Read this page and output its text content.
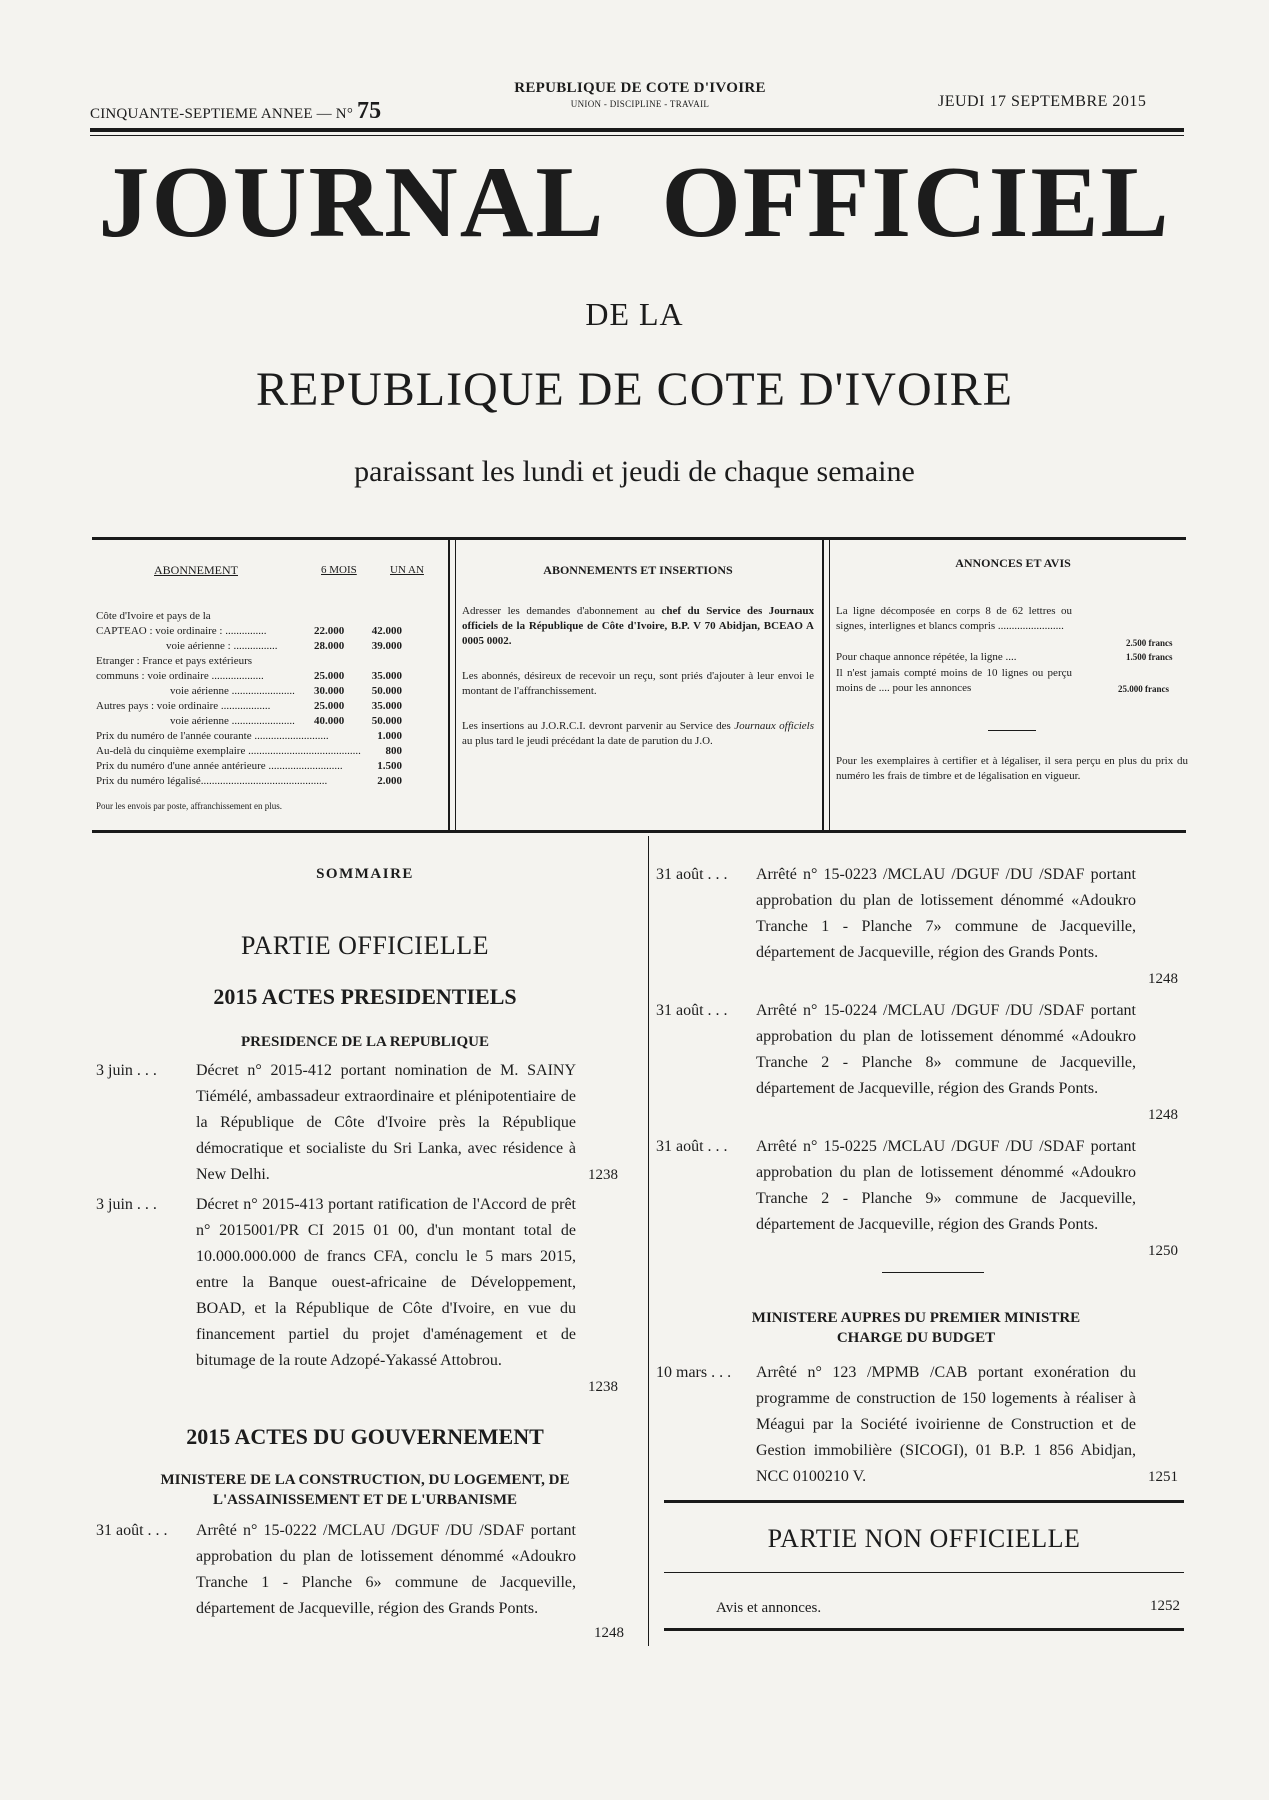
CINQUANTE-SEPTIEME ANNEE — N° 75
REPUBLIQUE DE COTE D'IVOIRE
UNION - DISCIPLINE - TRAVAIL	JEUDI 17 SEPTEMBRE 2015
JOURNAL OFFICIEL
DE LA
REPUBLIQUE DE COTE D'IVOIRE
paraissant les lundi et jeudi de chaque semaine
ABONNEMENT	6 MOIS	UN AN
Côte d'Ivoire et pays de la
CAPTEAO : voie ordinaire : ...............	22.000	42.000
voie aérienne : ................	28.000	39.000
Etranger : France et pays extérieurs
communs : voie ordinaire ...................	25.000	35.000
voie aérienne ....................... 30.000	50.000
Autres pays : voie ordinaire ..................	25.000	35.000
voie aérienne ....................... 40.000	50.000
Prix du numéro de l'année courante ...........................	1.000
Au-delà du cinquième exemplaire ......................................... 800
Prix du numéro d'une année antérieure ...........................	1.500
Prix du numéro légalisé..............................................	2.000
Pour les envois par poste, affranchissement en plus.
ABONNEMENTS ET INSERTIONS
Adresser les demandes d'abonnement au chef du Service des Journaux officiels de la République de Côte d'Ivoire, B.P. V 70 Abidjan, BCEAO A 0005 0002.
Les abonnés, désireux de recevoir un reçu, sont priés d'ajouter à leur envoi le montant de l'affranchissement.
Les insertions au J.O.R.C.I. devront parvenir au Service des Journaux officiels au plus tard le jeudi précédant la date de parution du J.O.
ANNONCES ET AVIS
La ligne décomposée en corps 8 de 62 lettres ou signes, interlignes et blancs compris ........................
2.500 francs
Pour chaque annonce répétée, la ligne ....	1.500 francs
Il n'est jamais compté moins de 10 lignes ou perçu moins de .... pour les annonces	25.000 francs
Pour les exemplaires à certifier et à légaliser, il sera perçu en plus du prix du numéro les frais de timbre et de légalisation en vigueur.
SOMMAIRE
PARTIE OFFICIELLE
2015 ACTES PRESIDENTIELS
PRESIDENCE DE LA REPUBLIQUE
3 juin . . . Décret n° 2015-412 portant nomination de M. SAINY Tiémélé, ambassadeur extraordinaire et plénipotentiaire de la République de Côte d'Ivoire près la République démocratique et socialiste du Sri Lanka, avec résidence à New Delhi.	1238
3 juin . . . Décret n° 2015-413 portant ratification de l'Accord de prêt n° 2015001/PR CI 2015 01 00, d'un montant total de 10.000.000.000 de francs CFA, conclu le 5 mars 2015, entre la Banque ouest-africaine de Développement, BOAD, et la République de Côte d'Ivoire, en vue du financement partiel du projet d'aménagement et de bitumage de la route Adzopé-Yakassé Attobrou.
1238
2015 ACTES DU GOUVERNEMENT
MINISTERE DE LA CONSTRUCTION, DU LOGEMENT, DE
L'ASSAINISSEMENT ET DE L'URBANISME
31 août . . . Arrêté n° 15-0222 /MCLAU /DGUF /DU /SDAF portant approbation du plan de lotissement dénommé «Adoukro Tranche 1 - Planche 6» commune de Jacqueville, département de Jacqueville, région des Grands Ponts.
1248
31 août . . . Arrêté n° 15-0223 /MCLAU /DGUF /DU /SDAF portant approbation du plan de lotissement dénommé «Adoukro Tranche 1 - Planche 7» commune de Jacqueville, département de Jacqueville, région des Grands Ponts.
1248
31 août . . . Arrêté n° 15-0224 /MCLAU /DGUF /DU /SDAF portant approbation du plan de lotissement dénommé «Adoukro Tranche 2 - Planche 8» commune de Jacqueville, département de Jacqueville, région des Grands Ponts.
1248
31 août . . . Arrêté n° 15-0225 /MCLAU /DGUF /DU /SDAF portant approbation du plan de lotissement dénommé «Adoukro Tranche 2 - Planche 9» commune de Jacqueville, département de Jacqueville, région des Grands Ponts.
1250
MINISTERE AUPRES DU PREMIER MINISTRE
CHARGE DU BUDGET
10 mars . . . Arrêté n° 123 /MPMB /CAB portant exonération du programme de construction de 150 logements à réaliser à Méagui par la Société ivoirienne de Construction et de Gestion immobilière (SICOGI), 01 B.P. 1 856 Abidjan, NCC 0100210 V.	1251
PARTIE NON OFFICIELLE
Avis et annonces.	1252
